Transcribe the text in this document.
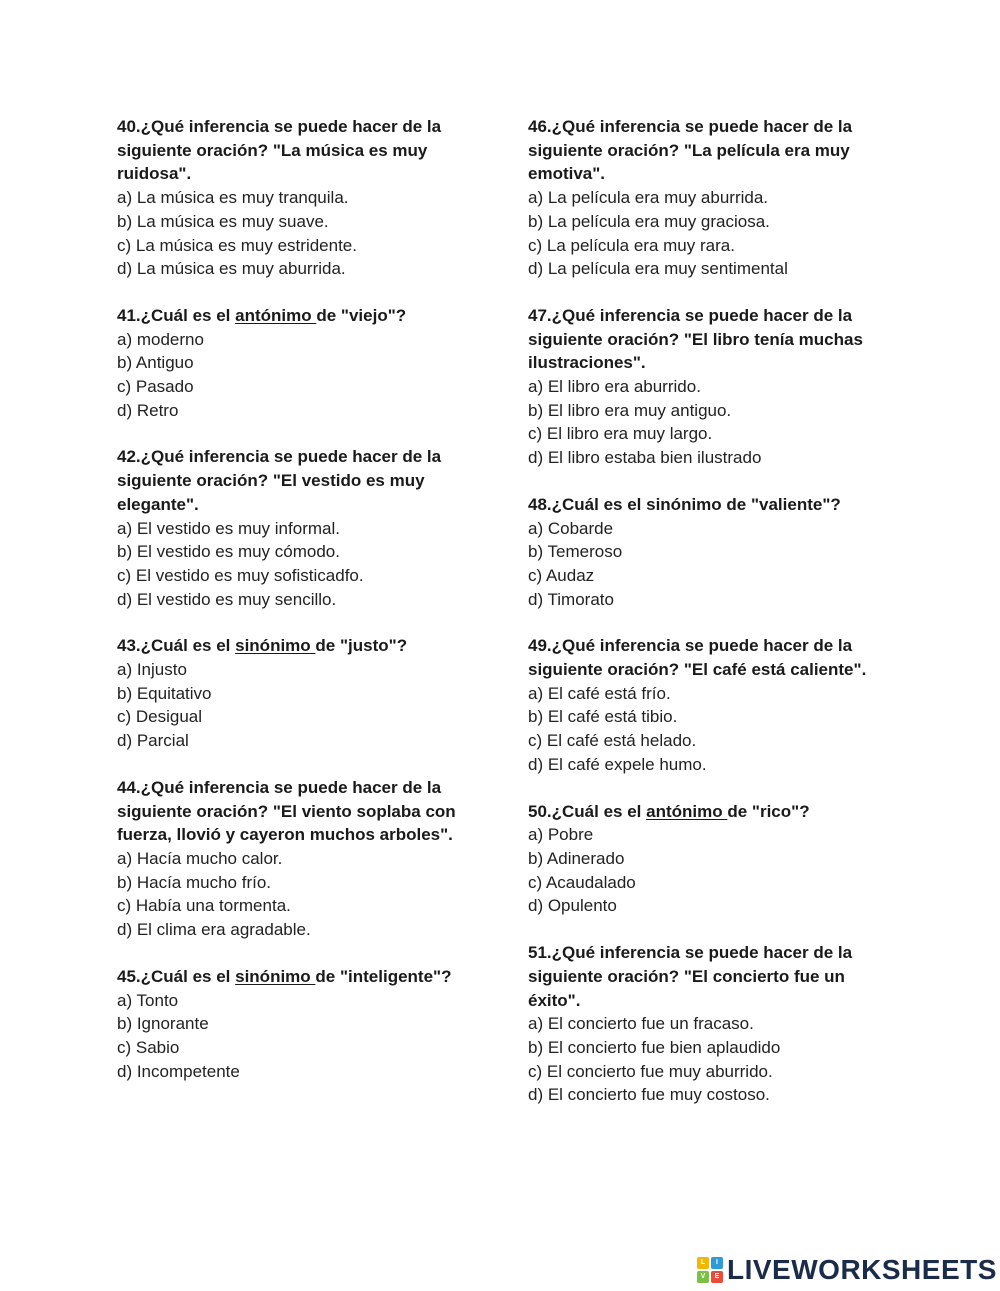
40.¿Qué inferencia se puede hacer de la siguiente oración? "La música es muy ruidosa".

a) La música es muy tranquila.

b) La música es muy suave.

c) La música es muy estridente.

d) La música es muy aburrida.

41.¿Cuál es el antónimo de "viejo"?

a) moderno

b) Antiguo

c) Pasado

d) Retro

42.¿Qué inferencia se puede hacer de la siguiente oración? "El vestido es muy elegante".

a) El vestido es muy informal.

b) El vestido es muy cómodo.

c) El vestido es muy sofisticadfo.

d) El vestido es muy sencillo.

43.¿Cuál es el sinónimo de "justo"?

a) Injusto

b) Equitativo

c) Desigual

d) Parcial

44.¿Qué inferencia se puede hacer de la siguiente oración? "El viento soplaba con fuerza, llovió y cayeron muchos arboles".

a) Hacía mucho calor.

b) Hacía mucho frío.

c) Había una tormenta.

d) El clima era agradable.

45.¿Cuál es el sinónimo de "inteligente"?

a) Tonto

b) Ignorante

c) Sabio

d) Incompetente

46.¿Qué inferencia se puede hacer de la siguiente oración? "La película era muy emotiva".

a) La película era muy aburrida.

b) La película era muy graciosa.

c) La película era muy rara.

d) La película era muy sentimental

47.¿Qué inferencia se puede hacer de la siguiente oración? "El libro tenía muchas ilustraciones".

a) El libro era aburrido.

b) El libro era muy antiguo.

c) El libro era muy largo.

d) El libro estaba bien ilustrado

48.¿Cuál es el sinónimo de "valiente"?

a) Cobarde

b) Temeroso

c) Audaz

d) Timorato

49.¿Qué inferencia se puede hacer de la siguiente oración? "El café está caliente".

a) El café está frío.

b) El café está tibio.

c) El café está helado.

d) El café expele humo.

50.¿Cuál es el antónimo de "rico"?

a) Pobre

b) Adinerado

c) Acaudalado

d) Opulento

51.¿Qué inferencia se puede hacer de la siguiente oración? "El concierto fue un éxito".

a) El concierto fue un fracaso.

b) El concierto fue bien aplaudido

c) El concierto fue muy aburrido.

d) El concierto fue muy costoso.

L	I
V	E LIVEWORKSHEETS
